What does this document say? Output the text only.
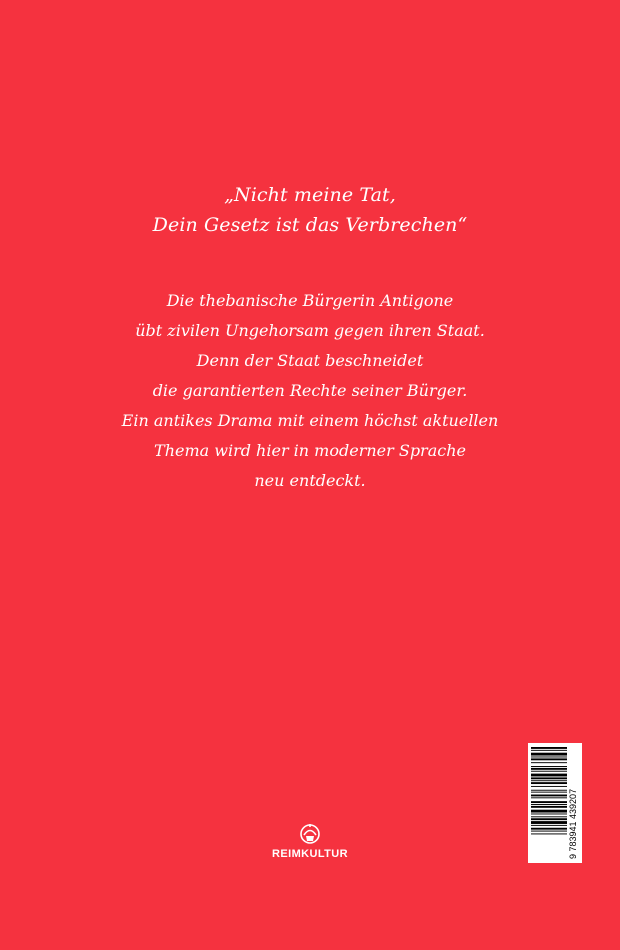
„Nicht meine Tat,
Dein Gesetz ist das Verbrechen“
Die thebanische Bürgerin Antigone
übt zivilen Ungehorsam gegen ihren Staat.
Denn der Staat beschneidet
die garantierten Rechte seiner Bürger.
Ein antikes Drama mit einem höchst aktuellen
Thema wird hier in moderner Sprache
neu entdeckt.
9 783941 439207
REIMKULTUR
